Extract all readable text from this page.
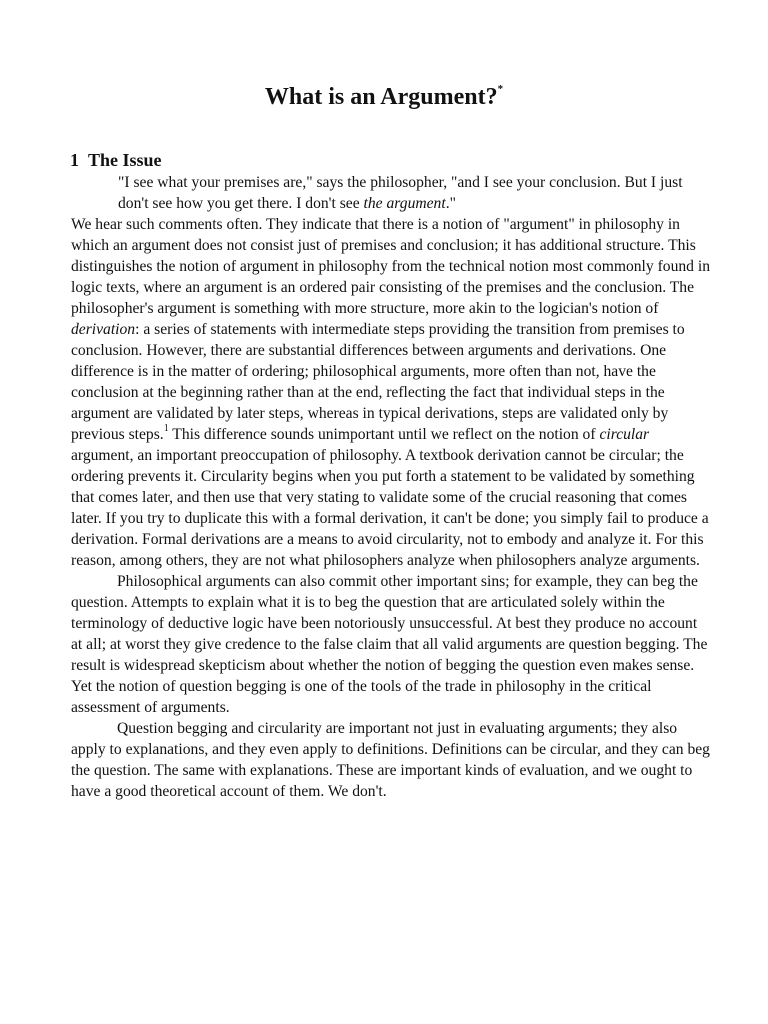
What is an Argument?*
1 The Issue

"I see what your premises are," says the philosopher, "and I see your conclusion. But I just don't see how you get there. I don't see the argument."

We hear such comments often. They indicate that there is a notion of "argument" in philosophy in which an argument does not consist just of premises and conclusion; it has additional structure. This distinguishes the notion of argument in philosophy from the technical notion most commonly found in logic texts, where an argument is an ordered pair consisting of the premises and the conclusion. The philosopher's argument is something with more structure, more akin to the logician's notion of derivation: a series of statements with intermediate steps providing the transition from premises to conclusion. However, there are substantial differences between arguments and derivations. One difference is in the matter of ordering; philosophical arguments, more often than not, have the conclusion at the beginning rather than at the end, reflecting the fact that individual steps in the argument are validated by later steps, whereas in typical derivations, steps are validated only by previous steps.$^1$ This difference sounds unimportant until we reflect on the notion of circular argument, an important preoccupation of philosophy. A textbook derivation cannot be circular; the ordering prevents it. Circularity begins when you put forth a statement to be validated by something that comes later, and then use that very stating to validate some of the crucial reasoning that comes later. If you try to duplicate this with a formal derivation, it can't be done; you simply fail to produce a derivation. Formal derivations are a means to avoid circularity, not to embody and analyze it. For this reason, among others, they are not what philosophers analyze when philosophers analyze arguments.

Philosophical arguments can also commit other important sins; for example, they can beg the question. Attempts to explain what it is to beg the question that are articulated solely within the terminology of deductive logic have been notoriously unsuccessful. At best they produce no account at all; at worst they give credence to the false claim that all valid arguments are question begging. The result is widespread skepticism about whether the notion of begging the question even makes sense. Yet the notion of question begging is one of the tools of the trade in philosophy in the critical assessment of arguments.

Question begging and circularity are important not just in evaluating arguments; they also apply to explanations, and they even apply to definitions. Definitions can be circular, and they can beg the question. The same with explanations. These are important kinds of evaluation, and we ought to have a good theoretical account of them. We don't.
